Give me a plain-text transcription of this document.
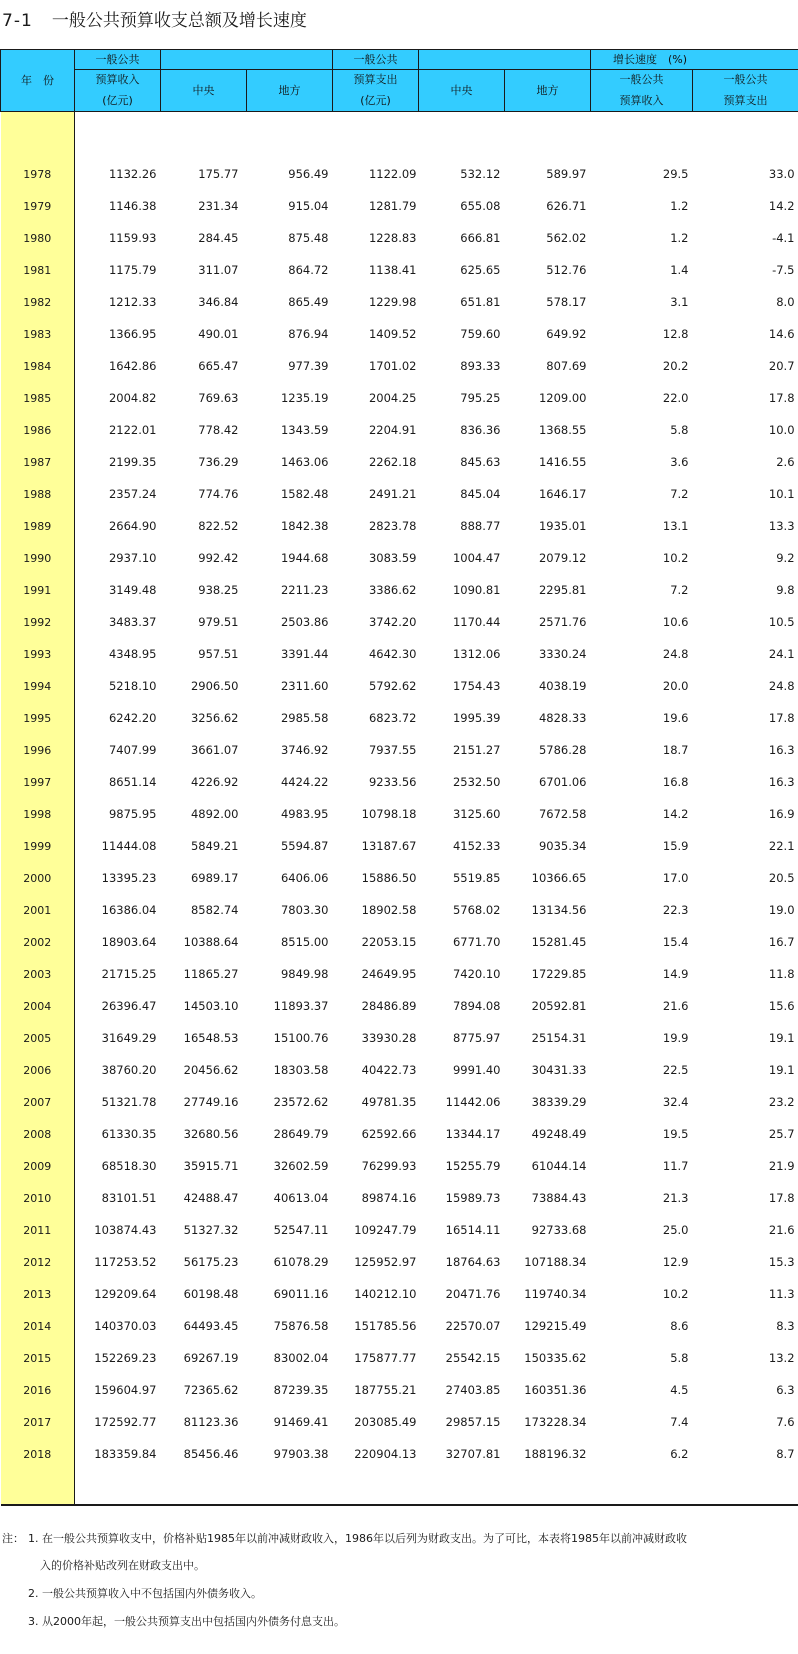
7-1 一般公共预算收支总额及增长速度
年　份	一般公共			一般公共			增长速度　(%)	
	预算收入	中央	地方	预算支出	中央	地方	一般公共	一般公共
	(亿元)			(亿元)			预算收入	预算支出

1978	1132.26	175.77	956.49	1122.09	532.12	589.97	29.5	33.0
1979	1146.38	231.34	915.04	1281.79	655.08	626.71	1.2	14.2
1980	1159.93	284.45	875.48	1228.83	666.81	562.02	1.2	-4.1
1981	1175.79	311.07	864.72	1138.41	625.65	512.76	1.4	-7.5
1982	1212.33	346.84	865.49	1229.98	651.81	578.17	3.1	8.0
1983	1366.95	490.01	876.94	1409.52	759.60	649.92	12.8	14.6
1984	1642.86	665.47	977.39	1701.02	893.33	807.69	20.2	20.7
1985	2004.82	769.63	1235.19	2004.25	795.25	1209.00	22.0	17.8
1986	2122.01	778.42	1343.59	2204.91	836.36	1368.55	5.8	10.0
1987	2199.35	736.29	1463.06	2262.18	845.63	1416.55	3.6	2.6
1988	2357.24	774.76	1582.48	2491.21	845.04	1646.17	7.2	10.1
1989	2664.90	822.52	1842.38	2823.78	888.77	1935.01	13.1	13.3
1990	2937.10	992.42	1944.68	3083.59	1004.47	2079.12	10.2	9.2
1991	3149.48	938.25	2211.23	3386.62	1090.81	2295.81	7.2	9.8
1992	3483.37	979.51	2503.86	3742.20	1170.44	2571.76	10.6	10.5
1993	4348.95	957.51	3391.44	4642.30	1312.06	3330.24	24.8	24.1
1994	5218.10	2906.50	2311.60	5792.62	1754.43	4038.19	20.0	24.8
1995	6242.20	3256.62	2985.58	6823.72	1995.39	4828.33	19.6	17.8
1996	7407.99	3661.07	3746.92	7937.55	2151.27	5786.28	18.7	16.3
1997	8651.14	4226.92	4424.22	9233.56	2532.50	6701.06	16.8	16.3
1998	9875.95	4892.00	4983.95	10798.18	3125.60	7672.58	14.2	16.9
1999	11444.08	5849.21	5594.87	13187.67	4152.33	9035.34	15.9	22.1
2000	13395.23	6989.17	6406.06	15886.50	5519.85	10366.65	17.0	20.5
2001	16386.04	8582.74	7803.30	18902.58	5768.02	13134.56	22.3	19.0
2002	18903.64	10388.64	8515.00	22053.15	6771.70	15281.45	15.4	16.7
2003	21715.25	11865.27	9849.98	24649.95	7420.10	17229.85	14.9	11.8
2004	26396.47	14503.10	11893.37	28486.89	7894.08	20592.81	21.6	15.6
2005	31649.29	16548.53	15100.76	33930.28	8775.97	25154.31	19.9	19.1
2006	38760.20	20456.62	18303.58	40422.73	9991.40	30431.33	22.5	19.1
2007	51321.78	27749.16	23572.62	49781.35	11442.06	38339.29	32.4	23.2
2008	61330.35	32680.56	28649.79	62592.66	13344.17	49248.49	19.5	25.7
2009	68518.30	35915.71	32602.59	76299.93	15255.79	61044.14	11.7	21.9
2010	83101.51	42488.47	40613.04	89874.16	15989.73	73884.43	21.3	17.8
2011	103874.43	51327.32	52547.11	109247.79	16514.11	92733.68	25.0	21.6
2012	117253.52	56175.23	61078.29	125952.97	18764.63	107188.34	12.9	15.3
2013	129209.64	60198.48	69011.16	140212.10	20471.76	119740.34	10.2	11.3
2014	140370.03	64493.45	75876.58	151785.56	22570.07	129215.49	8.6	8.3
2015	152269.23	69267.19	83002.04	175877.77	25542.15	150335.62	5.8	13.2
2016	159604.97	72365.62	87239.35	187755.21	27403.85	160351.36	4.5	6.3
2017	172592.77	81123.36	91469.41	203085.49	29857.15	173228.34	7.4	7.6
2018	183359.84	85456.46	97903.38	220904.13	32707.81	188196.32	6.2	8.7

注： 1. 在一般公共预算收支中，价格补贴1985年以前冲减财政收入，1986年以后列为财政支出。为了可比，本表将1985年以前冲减财政收
入的价格补贴改列在财政支出中。
2. 一般公共预算收入中不包括国内外债务收入。
3. 从2000年起，一般公共预算支出中包括国内外债务付息支出。
